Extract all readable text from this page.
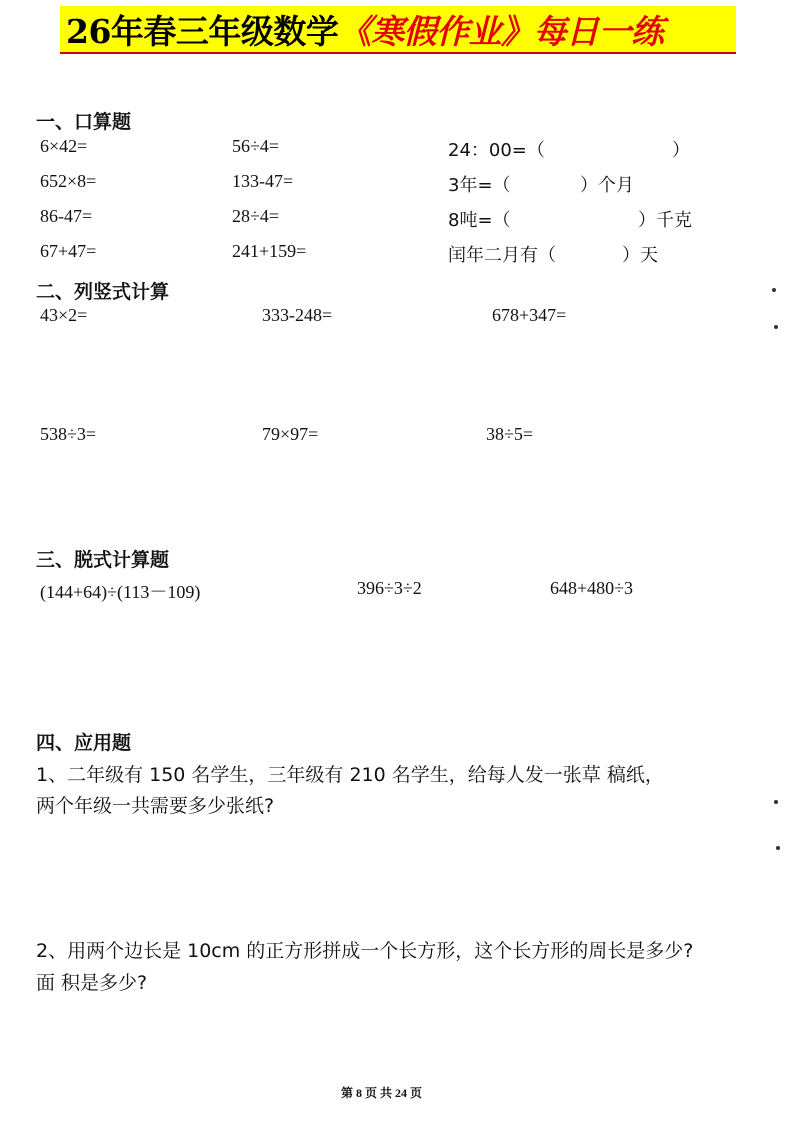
26年春三年级数学 《寒假作业》每日一练
一、口算题
6×42=	56÷4=	24：00=（	）
652×8=	133-47=	3年=（	）个月
86-47=	28÷4=	8吨=（	）千克
67+47=	241+159=	闰年二月有（	）天
二、列竖式计算
43×2=	333-248=	678+347=
538÷3=	79×97=	38÷5=
三、脱式计算题
(144+64)÷(113－109)	396÷3÷2	648+480÷3
四、应用题
1、二年级有 150 名学生，三年级有 210 名学生，给每人发一张草 稿纸，
两个年级一共需要多少张纸?
2、用两个边长是 10cm 的正方形拼成一个长方形，这个长方形的周长是多少?
面 积是多少?
第 8 页 共 24 页
